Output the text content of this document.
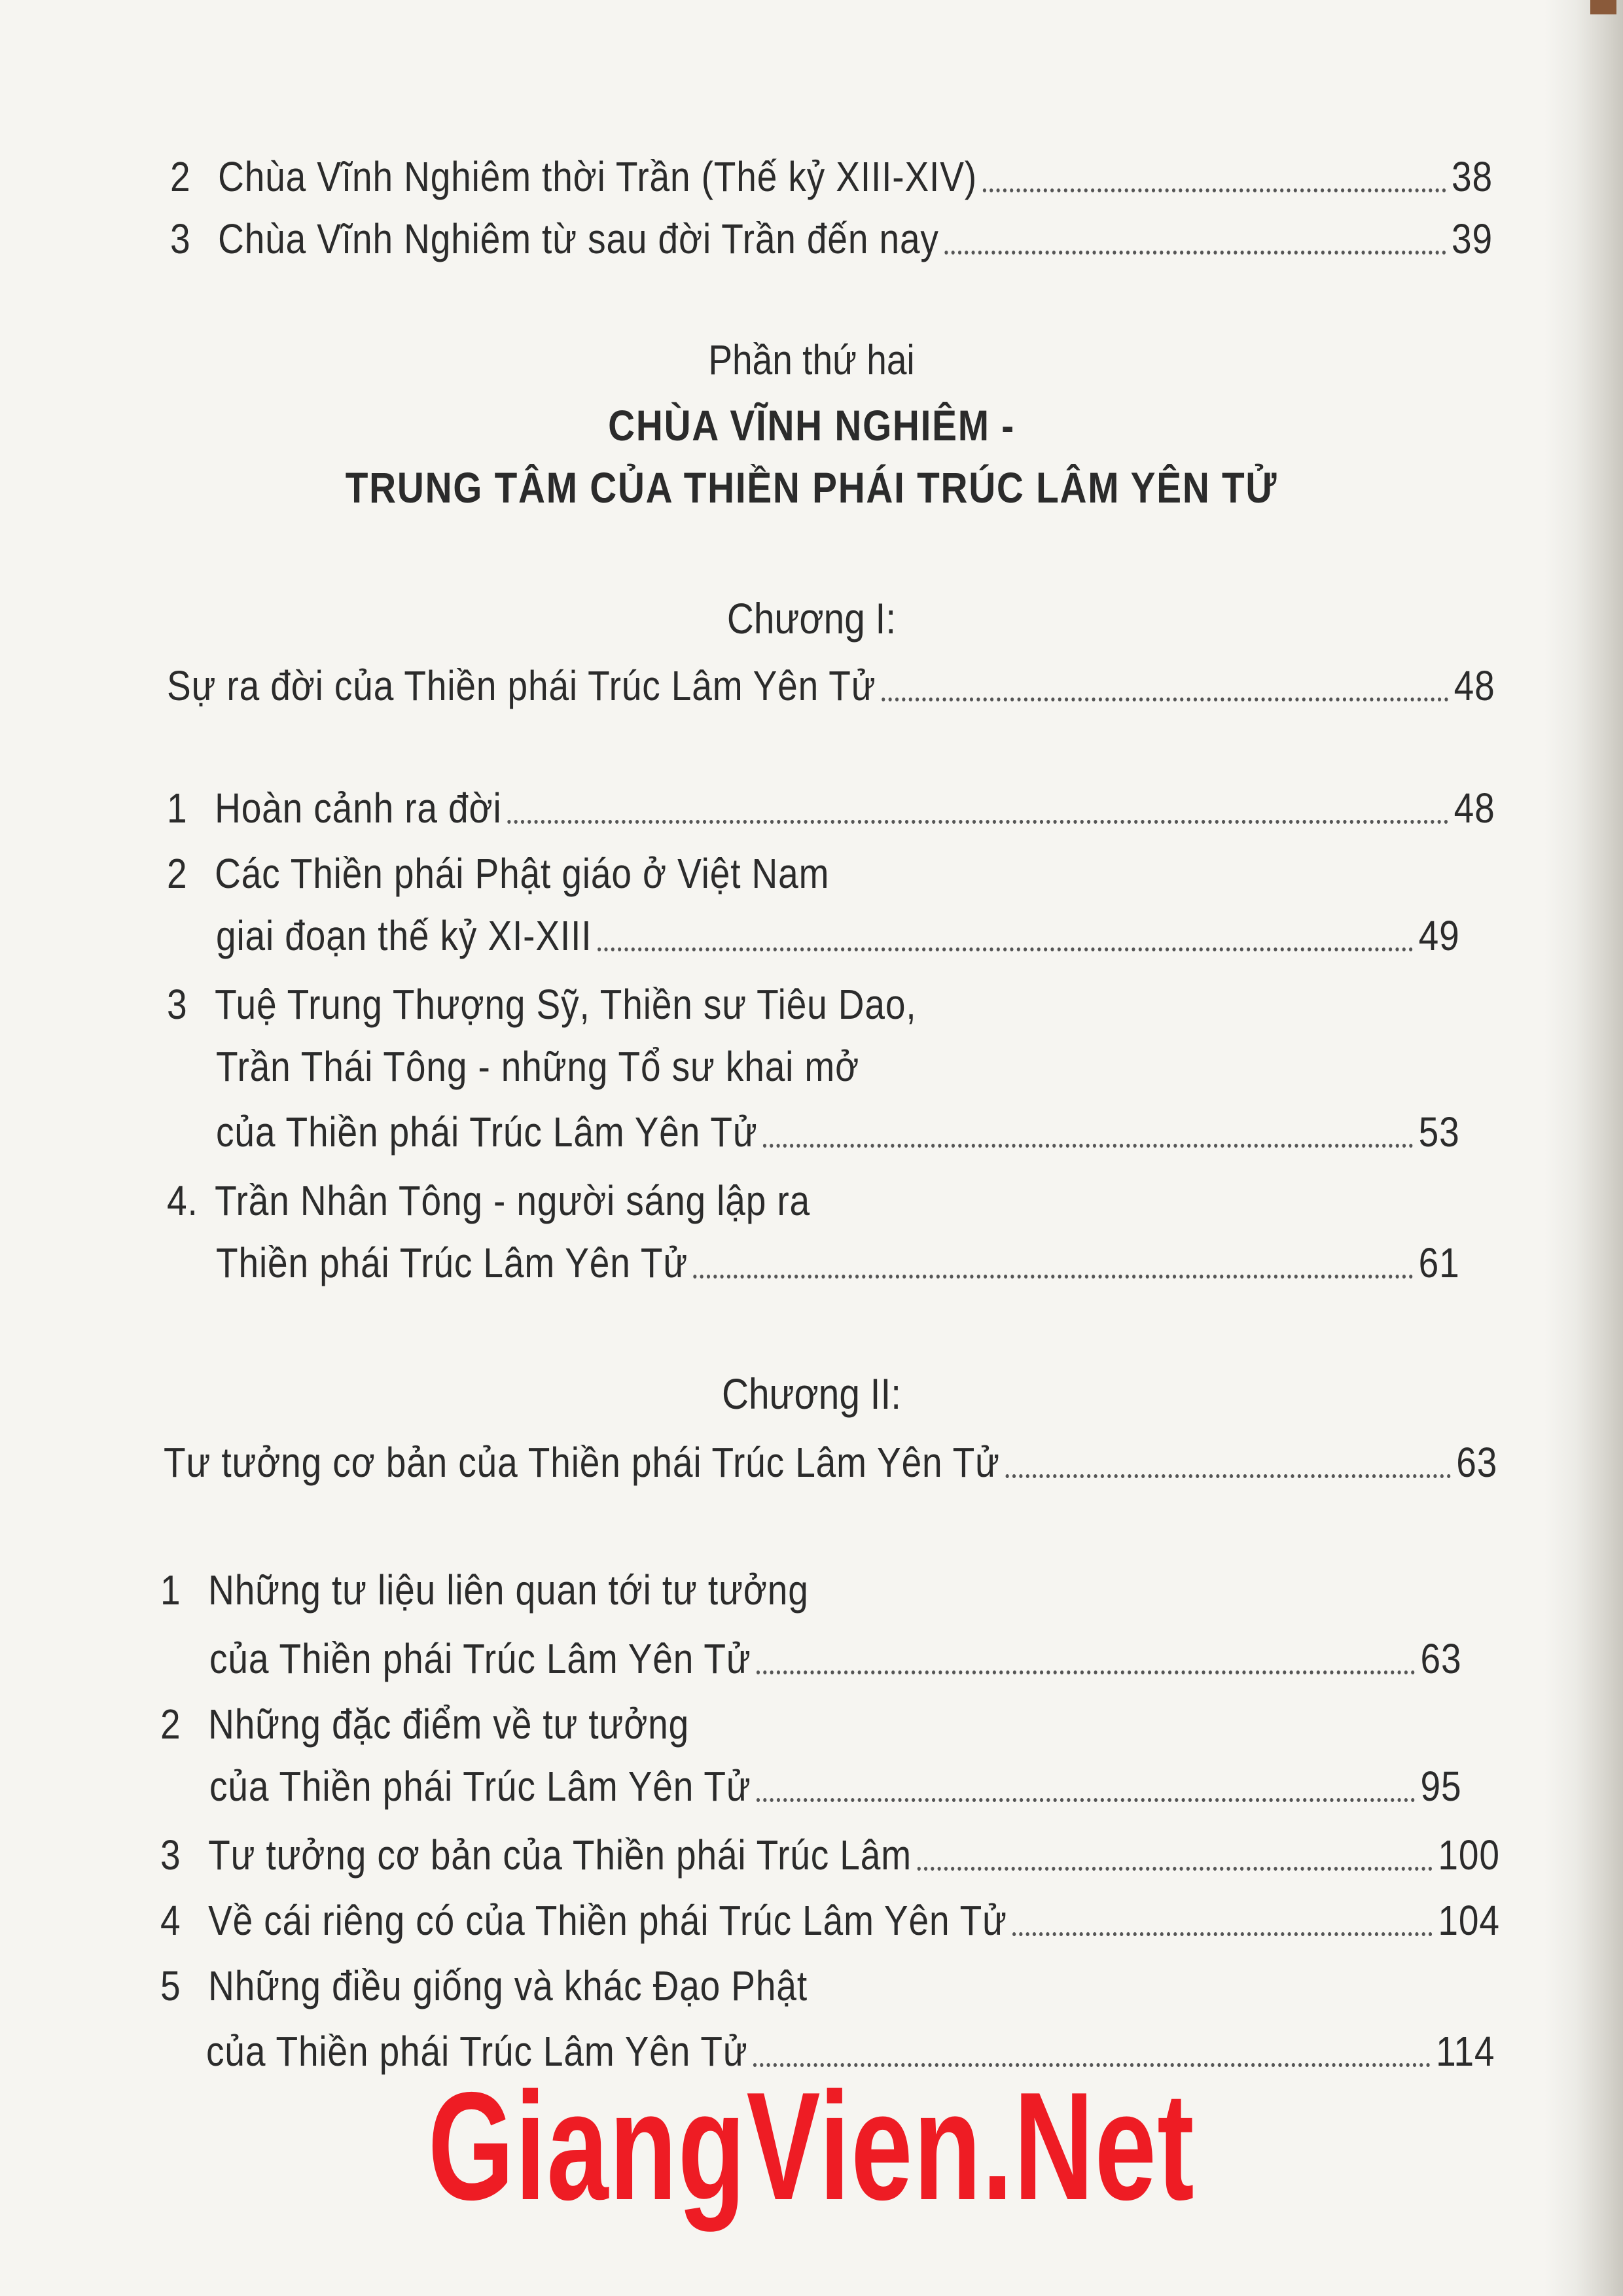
2 Chùa Vĩnh Nghiêm thời Trần (Thế kỷ XIII-XIV)	38
3 Chùa Vĩnh Nghiêm từ sau đời Trần đến nay	39
Phần thứ hai
CHÙA VĨNH NGHIÊM -
TRUNG TÂM CỦA THIỀN PHÁI TRÚC LÂM YÊN TỬ
Chương I:
Sự ra đời của Thiền phái Trúc Lâm Yên Tử	48
1 Hoàn cảnh ra đời	48
2 Các Thiền phái Phật giáo ở Việt Nam
giai đoạn thế kỷ XI-XIII	49
3 Tuệ Trung Thượng Sỹ, Thiền sư Tiêu Dao,
Trần Thái Tông - những Tổ sư khai mở
của Thiền phái Trúc Lâm Yên Tử	53
4. Trần Nhân Tông - người sáng lập ra
Thiền phái Trúc Lâm Yên Tử	61
Chương II:
Tư tưởng cơ bản của Thiền phái Trúc Lâm Yên Tử	63
1 Những tư liệu liên quan tới tư tưởng
của Thiền phái Trúc Lâm Yên Tử	63
2 Những đặc điểm về tư tưởng
của Thiền phái Trúc Lâm Yên Tử	95
3 Tư tưởng cơ bản của Thiền phái Trúc Lâm	100
4 Về cái riêng có của Thiền phái Trúc Lâm Yên Tử	104
5 Những điều giống và khác Đạo Phật
của Thiền phái Trúc Lâm Yên Tử	114
GiangVien.Net
